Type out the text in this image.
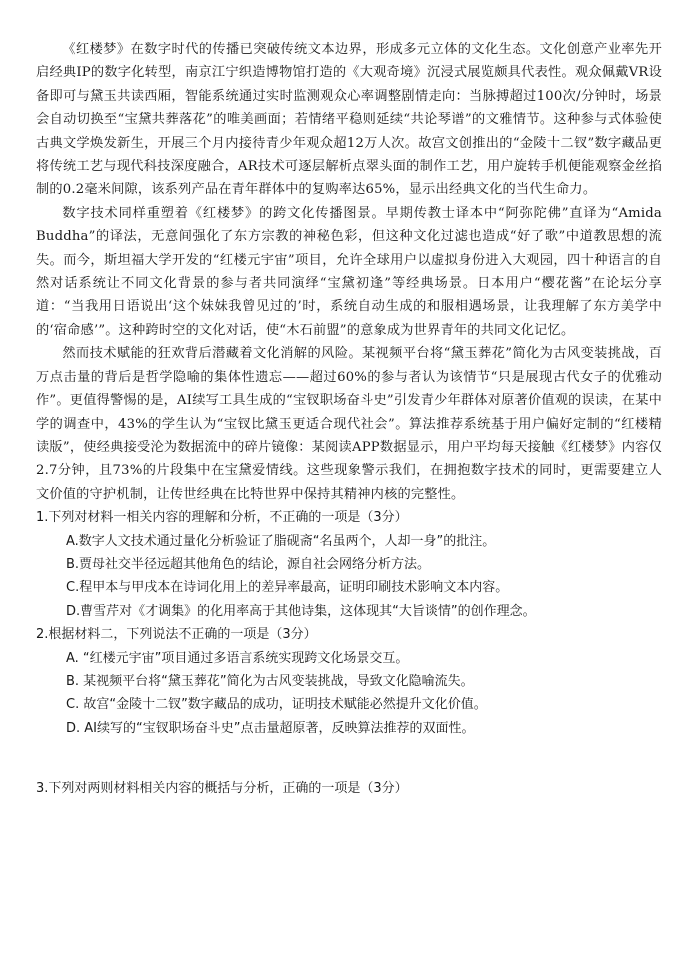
《红楼梦》在数字时代的传播已突破传统文本边界，形成多元立体的文化生态。文化创意产业率先开启经典IP的数字化转型，南京江宁织造博物馆打造的《大观奇境》沉浸式展览颇具代表性。观众佩戴VR设备即可与黛玉共读西厢，智能系统通过实时监测观众心率调整剧情走向：当脉搏超过100次/分钟时，场景会自动切换至“宝黛共葬落花”的唯美画面；若情绪平稳则延续“共论琴谱”的文雅情节。这种参与式体验使古典文学焕发新生，开展三个月内接待青少年观众超12万人次。故宫文创推出的“金陵十二钗”数字藏品更将传统工艺与现代科技深度融合，AR技术可逐层解析点翠头面的制作工艺，用户旋转手机便能观察金丝掐制的0.2毫米间隙，该系列产品在青年群体中的复购率达65%，显示出经典文化的当代生命力。

数字技术同样重塑着《红楼梦》的跨文化传播图景。早期传教士译本中“阿弥陀佛”直译为“Amida Buddha”的译法，无意间强化了东方宗教的神秘色彩，但这种文化过滤也造成“好了歌”中道教思想的流失。而今，斯坦福大学开发的“红楼元宇宙”项目，允许全球用户以虚拟身份进入大观园，四十种语言的自然对话系统让不同文化背景的参与者共同演绎“宝黛初逢”等经典场景。日本用户“樱花酱”在论坛分享道：“当我用日语说出‘这个妹妹我曾见过的’时，系统自动生成的和服相遇场景，让我理解了东方美学中的‘宿命感’”。这种跨时空的文化对话，使“木石前盟”的意象成为世界青年的共同文化记忆。

然而技术赋能的狂欢背后潜藏着文化消解的风险。某视频平台将“黛玉葬花”简化为古风变装挑战，百万点击量的背后是哲学隐喻的集体性遗忘——超过60%的参与者认为该情节“只是展现古代女子的优雅动作”。更值得警惕的是，AI续写工具生成的“宝钗职场奋斗史”引发青少年群体对原著价值观的误读，在某中学的调查中，43%的学生认为“宝钗比黛玉更适合现代社会”。算法推荐系统基于用户偏好定制的“红楼精读版”，使经典接受沦为数据流中的碎片镜像：某阅读APP数据显示，用户平均每天接触《红楼梦》内容仅2.7分钟，且73%的片段集中在宝黛爱情线。这些现象警示我们，在拥抱数字技术的同时，更需要建立人文价值的守护机制，让传世经典在比特世界中保持其精神内核的完整性。

1.下列对材料一相关内容的理解和分析，不正确的一项是（3分）

A.数字人文技术通过量化分析验证了脂砚斋“名虽两个，人却一身”的批注。

B.贾母社交半径远超其他角色的结论，源自社会网络分析方法。

C.程甲本与甲戌本在诗词化用上的差异率最高，证明印刷技术影响文本内容。

D.曹雪芹对《才调集》的化用率高于其他诗集，这体现其“大旨谈情”的创作理念。

2.根据材料二，下列说法不正确的一项是（3分）

A. “红楼元宇宙”项目通过多语言系统实现跨文化场景交互。

B. 某视频平台将“黛玉葬花”简化为古风变装挑战，导致文化隐喻流失。

C. 故宫“金陵十二钗”数字藏品的成功，证明技术赋能必然提升文化价值。

D. AI续写的“宝钗职场奋斗史”点击量超原著，反映算法推荐的双面性。

3.下列对两则材料相关内容的概括与分析，正确的一项是（3分）
